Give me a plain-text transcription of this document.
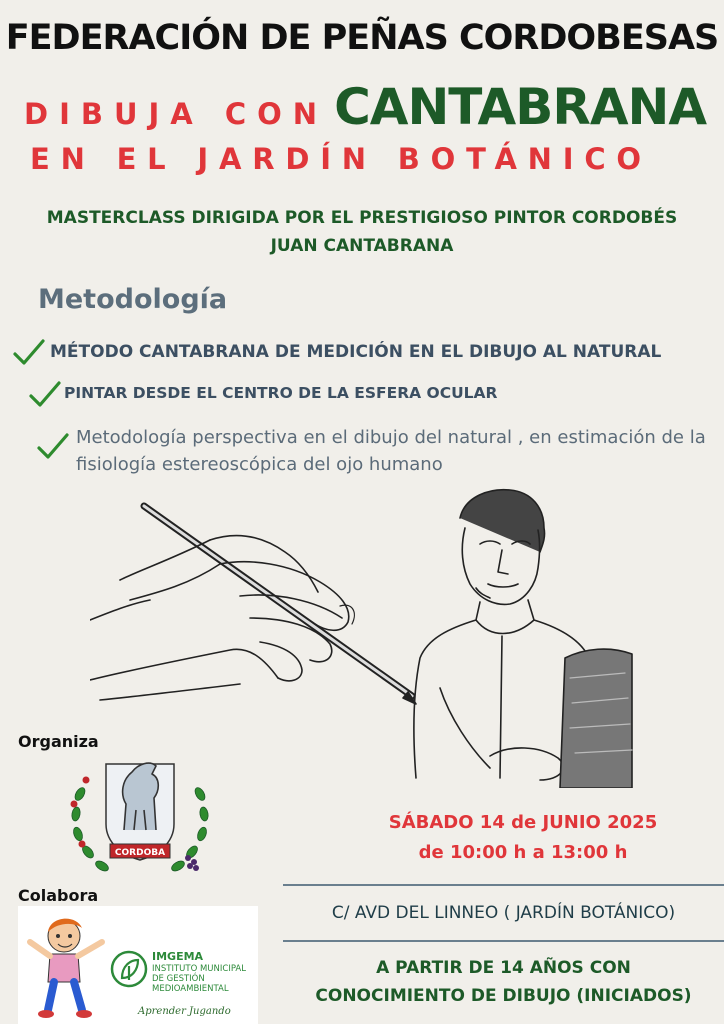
FEDERACIÓN DE PEÑAS CORDOBESAS
DIBUJA CON CANTABRANA
EN EL JARDÍN BOTÁNICO
MASTERCLASS DIRIGIDA POR EL PRESTIGIOSO PINTOR CORDOBÉS
JUAN CANTABRANA
Metodología
MÉTODO CANTABRANA DE MEDICIÓN EN EL DIBUJO AL NATURAL
PINTAR DESDE EL CENTRO DE LA ESFERA OCULAR
Metodología perspectiva en el dibujo del natural , en estimación de la fisiología estereoscópica del ojo humano
Organiza
CORDOBA
Colabora
IMGEMA
INSTITUTO MUNICIPAL
DE GESTIÓN
MEDIOAMBIENTAL
Aprender Jugando
SÁBADO 14 de JUNIO 2025
de 10:00 h a 13:00 h
C/ AVD DEL LINNEO ( JARDÍN BOTÁNICO)
A PARTIR DE 14 AÑOS CON
CONOCIMIENTO DE DIBUJO (INICIADOS)
